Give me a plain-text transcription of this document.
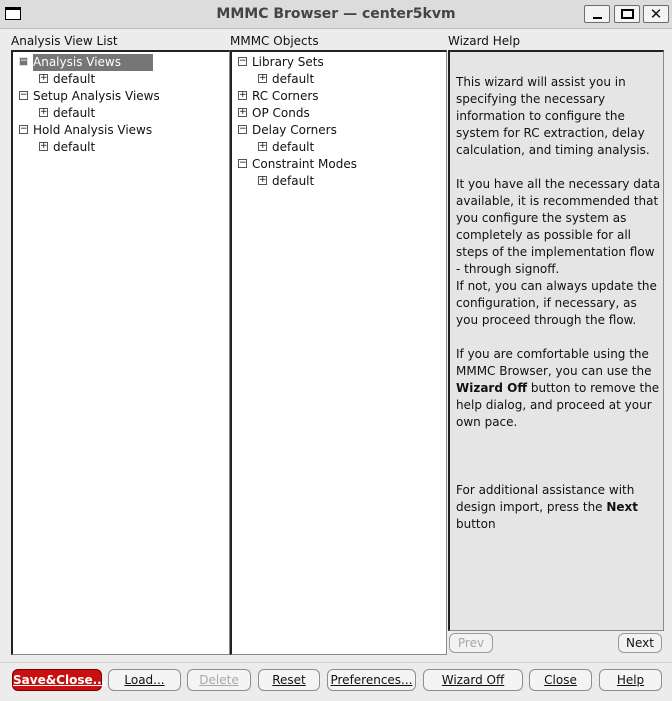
MMMC Browser — center5kvm	✕
Analysis View List	MMMC Objects	Wizard Help
− Analysis Views
+ default
− Setup Analysis Views
+ default
− Hold Analysis Views
+ default
− Library Sets
+ default
+ RC Corners
+ OP Conds
− Delay Corners
+ default
− Constraint Modes
+ default

This wizard will assist you in specifying the necessary information to configure the system for RC extraction, delay calculation, and timing analysis.

It you have all the necessary data available, it is recommended that you configure the system as completely as possible for all steps of the implementation flow - through signoff.

If not, you can always update the configuration, if necessary, as you proceed through the flow.

If you are comfortable using the MMMC Browser, you can use the Wizard Off button to remove the help dialog, and proceed at your own pace.

For additional assistance with design import, press the Next button

Prev	Next
Save&Close...	Load...	Delete	Reset	Preferences...	Wizard Off	Close	Help
